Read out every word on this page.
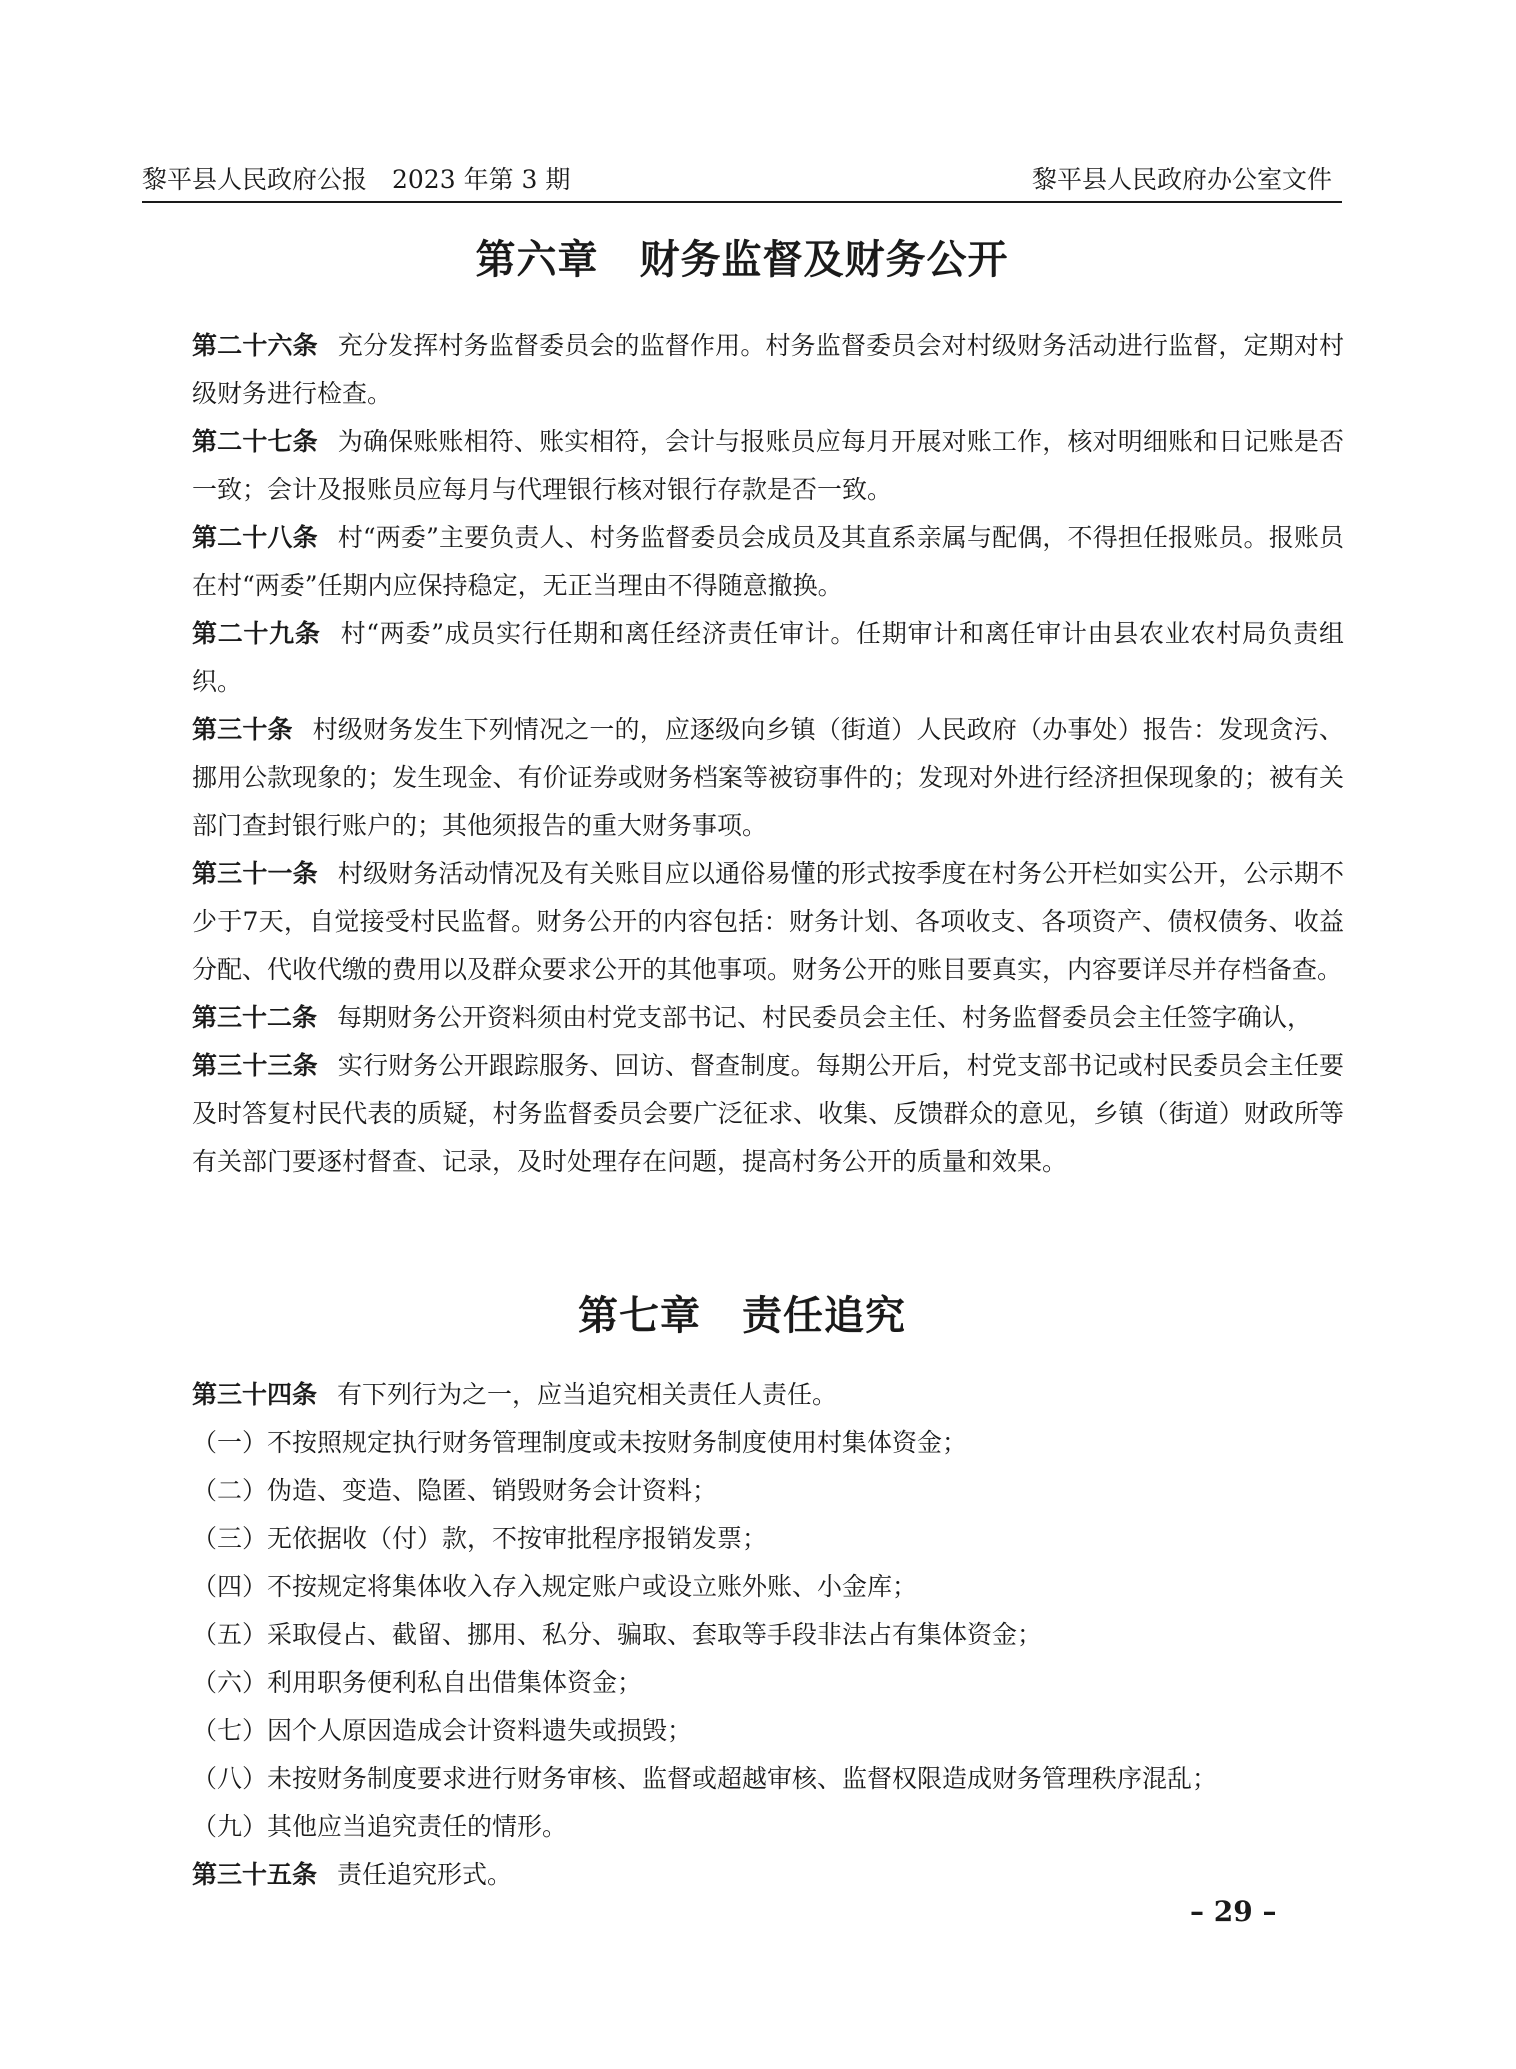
黎平县人民政府公报　2023 年第 3 期	黎平县人民政府办公室文件
第六章　财务监督及财务公开

第二十六条 充分发挥村务监督委员会的监督作用。村务监督委员会对村级财务活动进行监督，定期对村级财务进行检查。

第二十七条 为确保账账相符、账实相符，会计与报账员应每月开展对账工作，核对明细账和日记账是否一致；会计及报账员应每月与代理银行核对银行存款是否一致。

第二十八条 村“两委”主要负责人、村务监督委员会成员及其直系亲属与配偶，不得担任报账员。报账员在村“两委”任期内应保持稳定，无正当理由不得随意撤换。

第二十九条 村“两委”成员实行任期和离任经济责任审计。任期审计和离任审计由县农业农村局负责组织。

第三十条 村级财务发生下列情况之一的，应逐级向乡镇（街道）人民政府（办事处）报告：发现贪污、挪用公款现象的；发生现金、有价证券或财务档案等被窃事件的；发现对外进行经济担保现象的；被有关部门查封银行账户的；其他须报告的重大财务事项。

第三十一条 村级财务活动情况及有关账目应以通俗易懂的形式按季度在村务公开栏如实公开，公示期不少于7天，自觉接受村民监督。财务公开的内容包括：财务计划、各项收支、各项资产、债权债务、收益分配、代收代缴的费用以及群众要求公开的其他事项。财务公开的账目要真实，内容要详尽并存档备查。

第三十二条 每期财务公开资料须由村党支部书记、村民委员会主任、村务监督委员会主任签字确认，

第三十三条 实行财务公开跟踪服务、回访、督查制度。每期公开后，村党支部书记或村民委员会主任要及时答复村民代表的质疑，村务监督委员会要广泛征求、收集、反馈群众的意见，乡镇（街道）财政所等有关部门要逐村督查、记录，及时处理存在问题，提高村务公开的质量和效果。

第七章　责任追究

第三十四条 有下列行为之一，应当追究相关责任人责任。

（一）不按照规定执行财务管理制度或未按财务制度使用村集体资金；

（二）伪造、变造、隐匿、销毁财务会计资料；

（三）无依据收（付）款，不按审批程序报销发票；

（四）不按规定将集体收入存入规定账户或设立账外账、小金库；

（五）采取侵占、截留、挪用、私分、骗取、套取等手段非法占有集体资金；

（六）利用职务便利私自出借集体资金；

（七）因个人原因造成会计资料遗失或损毁；

（八）未按财务制度要求进行财务审核、监督或超越审核、监督权限造成财务管理秩序混乱；

（九）其他应当追究责任的情形。

第三十五条 责任追究形式。

– 29 –
